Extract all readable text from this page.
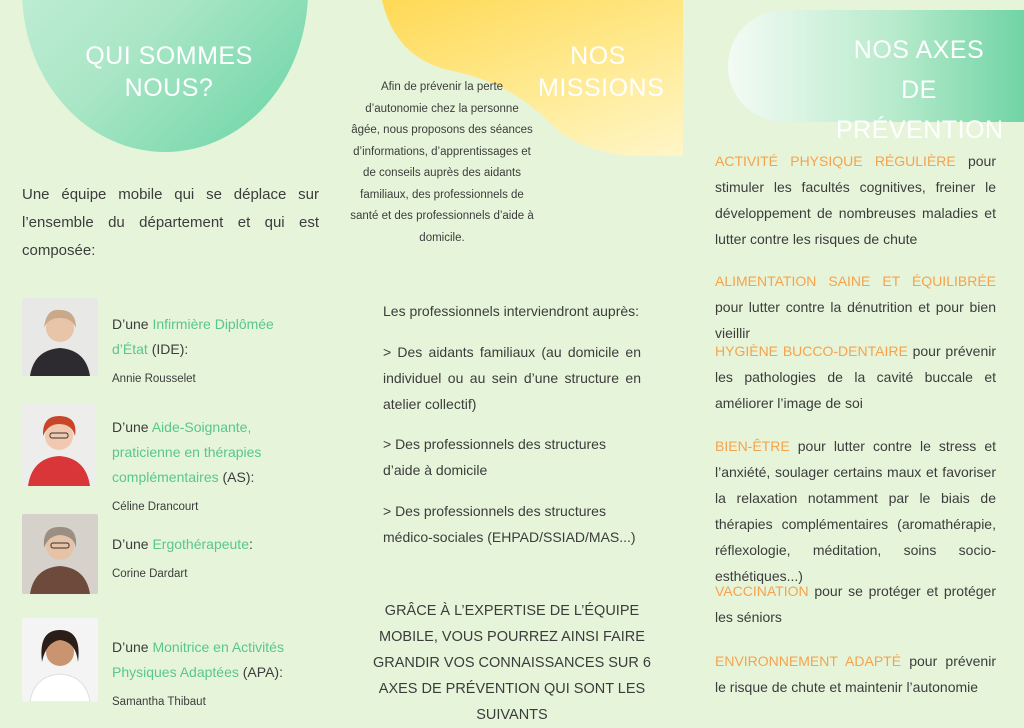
QUI SOMMES
NOUS?
Une équipe mobile qui se déplace sur l’ensemble du département et qui est composée:
D’une Infirmière Diplômée d’État (IDE):
Annie Rousselet
D’une Aide-Soignante, praticienne en thérapies complémentaires (AS):
Céline Drancourt
D’une Ergothérapeute:
Corine Dardart
D’une Monitrice en Activités Physiques Adaptées (APA):
Samantha Thibaut
NOS
MISSIONS
Afin de prévenir la perte d’autonomie chez la personne âgée, nous proposons des séances d’informations, d’apprentissages et de conseils auprès des aidants familiaux, des professionnels de santé et des professionnels d’aide à domicile.
Les professionnels interviendront auprès:
> Des aidants familiaux (au domicile en individuel ou au sein d’une structure en atelier collectif)
> Des professionnels des structures d’aide à domicile
> Des professionnels des structures médico-sociales (EHPAD/SSIAD/MAS...)
GRÂCE À L’EXPERTISE DE L’ÉQUIPE MOBILE, VOUS POURREZ AINSI FAIRE GRANDIR VOS CONNAISSANCES SUR 6 AXES DE PRÉVENTION QUI SONT LES SUIVANTS
NOS AXES
DE PRÉVENTION
ACTIVITÉ PHYSIQUE RÉGULIÈRE pour stimuler les facultés cognitives, freiner le développement de nombreuses maladies et lutter contre les risques de chute
ALIMENTATION SAINE ET ÉQUILIBRÉE pour lutter contre la dénutrition et pour bien vieillir
HYGIÈNE BUCCO-DENTAIRE pour prévenir les pathologies de la cavité buccale et améliorer l’image de soi
BIEN-ÊTRE pour lutter contre le stress et l’anxiété, soulager certains maux et favoriser la relaxation notamment par le biais de thérapies complémentaires (aromathérapie, réflexologie, méditation, soins socio-esthétiques...)
VACCINATION pour se protéger et protéger les séniors
ENVIRONNEMENT ADAPTÉ pour prévenir le risque de chute et maintenir l’autonomie
